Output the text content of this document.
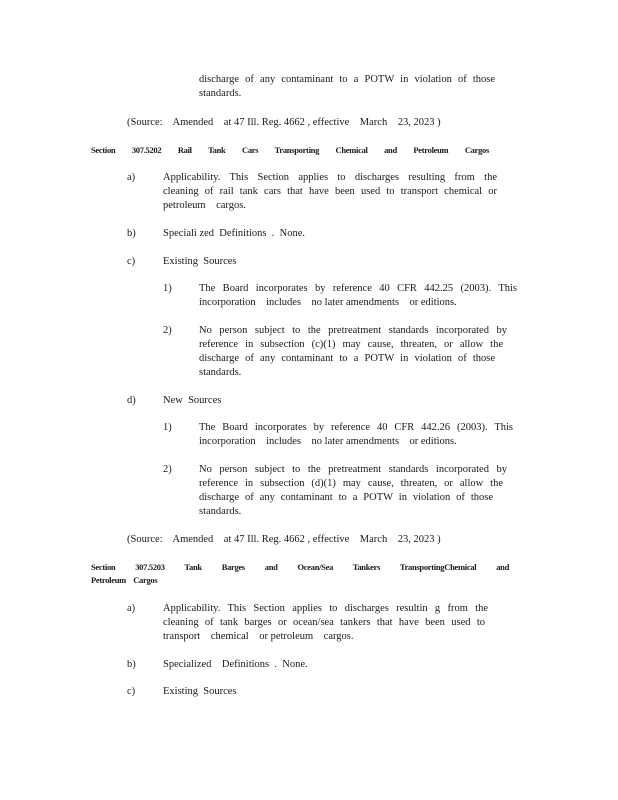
discharge of any contaminant to a POTW in violation of those
standards.
(Source:    Amended    at 47 Ill. Reg. 4662 , effective    March    23, 2023 )
Section    307.5202    Rail    Tank    Cars    Transporting    Chemical    and    Petroleum    Cargos
a)	Applicability. This Section applies to discharges resulting from the
cleaning of rail tank cars that have been used to transport chemical or
petroleum    cargos.
b)	Speciali zed  Definitions  .  None.
c)	Existing  Sources
1)	The Board incorporates by reference 40 CFR 442.25 (2003). This
incorporation    includes    no later amendments    or editions.
2)	No person subject to the pretreatment standards incorporated by
reference in subsection (c)(1) may cause, threaten, or allow the
discharge of any contaminant to a POTW in violation of those
standards.
d)	New  Sources
1)	The Board incorporates by reference 40 CFR 442.26 (2003). This
incorporation    includes    no later amendments    or editions.
2)	No person subject to the pretreatment standards incorporated by
reference in subsection (d)(1) may cause, threaten, or allow the
discharge of any contaminant to a POTW in violation of those
standards.
(Source:    Amended    at 47 Ill. Reg. 4662 , effective    March    23, 2023 )
Section    307.5203    Tank    Barges    and    Ocean/Sea    Tankers    TransportingChemical    and
Petroleum    Cargos
a)	Applicability. This Section applies to discharges resultin g from the
cleaning of tank barges or ocean/sea tankers that have been used to
transport    chemical    or petroleum    cargos.
b)	Specialized    Definitions  .  None.
c)	Existing  Sources
